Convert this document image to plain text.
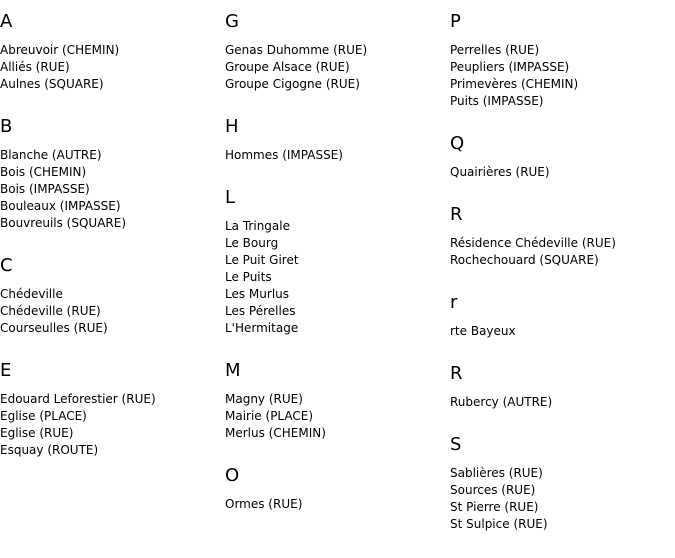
A
Abreuvoir (CHEMIN)
Alliés (RUE)
Aulnes (SQUARE)
B
Blanche (AUTRE)
Bois (CHEMIN)
Bois (IMPASSE)
Bouleaux (IMPASSE)
Bouvreuils (SQUARE)
C
Chédeville
Chédeville (RUE)
Courseulles (RUE)
E
Edouard Leforestier (RUE)
Eglise (PLACE)
Eglise (RUE)
Esquay (ROUTE)
G
Genas Duhomme (RUE)
Groupe Alsace (RUE)
Groupe Cigogne (RUE)
H
Hommes (IMPASSE)
L
La Tringale
Le Bourg
Le Puit Giret
Le Puits
Les Murlus
Les Pérelles
L'Hermitage
M
Magny (RUE)
Mairie (PLACE)
Merlus (CHEMIN)
O
Ormes (RUE)
P
Perrelles (RUE)
Peupliers (IMPASSE)
Primevères (CHEMIN)
Puits (IMPASSE)
Q
Quairières (RUE)
R
Résidence Chédeville (RUE)
Rochechouard (SQUARE)
r
rte Bayeux
R
Rubercy (AUTRE)
S
Sablières (RUE)
Sources (RUE)
St Pierre (RUE)
St Sulpice (RUE)
